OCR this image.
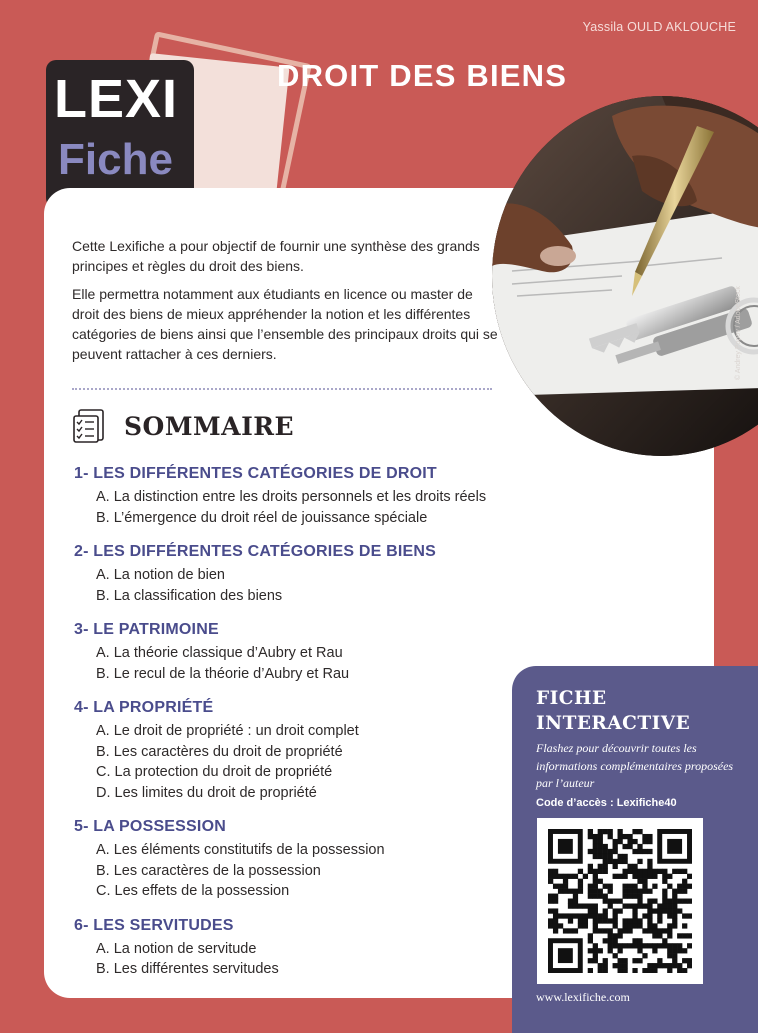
Yassila OULD AKLOUCHE
LEXI
Fiche
DROIT DES BIENS
© Andrey Popov / AdobeStock

Cette Lexifiche a pour objectif de fournir une synthèse des grands principes et règles du droit des biens.

Elle permettra notamment aux étudiants en licence ou master de droit des biens de mieux appréhender la notion et les différentes catégories de biens ainsi que l’ensemble des principaux droits qui se peuvent rattacher à ces derniers.

SOMMAIRE
1- LES DIFFÉRENTES CATÉGORIES DE DROIT
A. La distinction entre les droits personnels et les droits réels
B. L’émergence du droit réel de jouissance spéciale
2- LES DIFFÉRENTES CATÉGORIES DE BIENS
A. La notion de bien
B. La classification des biens
3- LE PATRIMOINE
A. La théorie classique d’Aubry et Rau
B. Le recul de la théorie d’Aubry et Rau
4- LA PROPRIÉTÉ
A. Le droit de propriété : un droit complet
B. Les caractères du droit de propriété
C. La protection du droit de propriété
D. Les limites du droit de propriété
5- LA POSSESSION
A. Les éléments constitutifs de la possession
B. Les caractères de la possession
C. Les effets de la possession
6- LES SERVITUDES
A. La notion de servitude
B. Les différentes servitudes
FICHE
INTERACTIVE
Flashez pour découvrir toutes les informations complémentaires proposées par l’auteur
Code d’accès : Lexifiche40
www.lexifiche.com
